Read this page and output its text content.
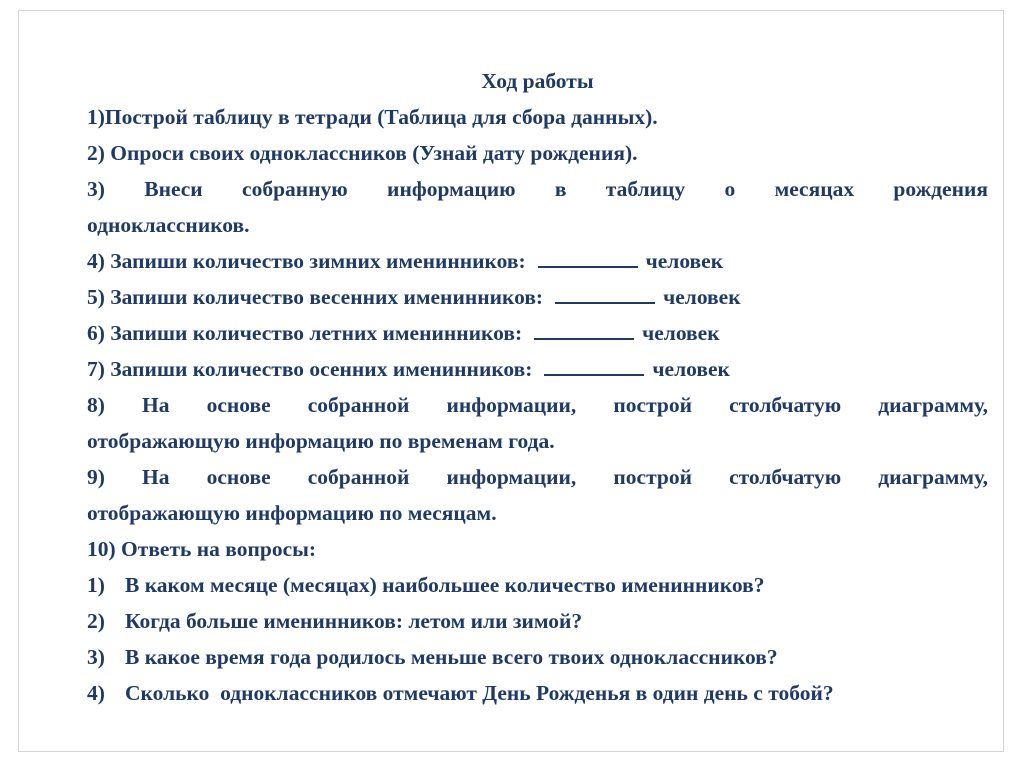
Ход работы
1)Построй таблицу в тетради (Таблица для сбора данных).
2) Опроси своих одноклассников (Узнай дату рождения).
3) Внеси собранную информацию в таблицу о месяцах рождения
одноклассников.
4) Запиши количество зимних именинников:	человек
5) Запиши количество весенних именинников:	человек
6) Запиши количество летних именинников:	человек
7) Запиши количество осенних именинников:	человек
8) На основе собранной информации, построй столбчатую диаграмму,
отображающую информацию по временам года.
9) На основе собранной информации, построй столбчатую диаграмму,
отображающую информацию по месяцам.
10) Ответь на вопросы:
1) В каком месяце (месяцах) наибольшее количество именинников?
2) Когда больше именинников: летом или зимой?
3) В какое время года родилось меньше всего твоих одноклассников?
4) Сколько  одноклассников отмечают День Рожденья в один день с тобой?
